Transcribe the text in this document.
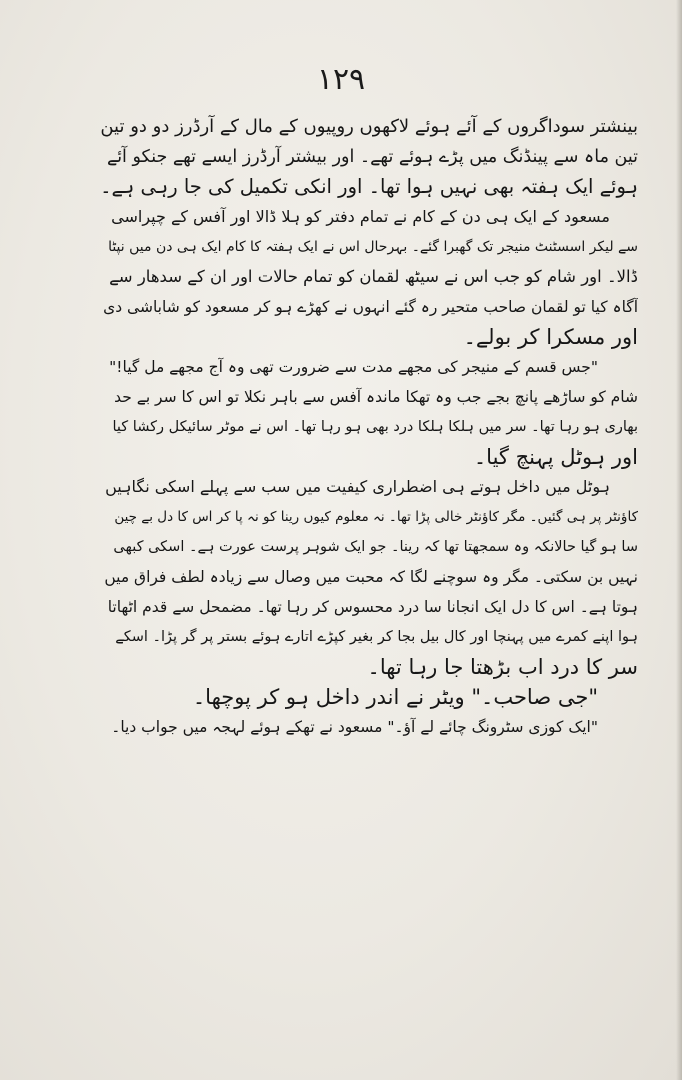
۱۲۹

بینشتر سوداگروں کے آئے ہوئے لاکھوں روپیوں کے مال کے آرڈرز دو دو تین

تین ماہ سے پینڈنگ میں پڑے ہوئے تھے۔ اور بیشتر آرڈرز ایسے تھے جنکو آئے

ہوئے ایک ہفتہ بھی نہیں ہوا تھا۔ اور انکی تکمیل کی جا رہی ہے۔

مسعود کے ایک ہی دن کے کام نے تمام دفتر کو ہلا ڈالا اور آفس کے چپراسی

سے لیکر اسسٹنٹ منیجر تک گھبرا گئے۔ بہرحال اس نے ایک ہفتہ کا کام ایک ہی دن میں نپٹا

ڈالا۔ اور شام کو جب اس نے سیٹھ لقمان کو تمام حالات اور ان کے سدھار سے

آگاہ کیا تو لقمان صاحب متحیر رہ گئے انہوں نے کھڑے ہو کر مسعود کو شاباشی دی

اور مسکرا کر بولے۔

"جس قسم کے منیجر کی مجھے مدت سے ضرورت تھی وہ آج مجھے مل گیا!"

شام کو ساڑھے پانچ بجے جب وہ تھکا ماندہ آفس سے باہر نکلا تو اس کا سر بے حد

بھاری ہو رہا تھا۔ سر میں ہلکا ہلکا درد بھی ہو رہا تھا۔ اس نے موٹر سائیکل رکشا کیا

اور ہوٹل پہنچ گیا۔

ہوٹل میں داخل ہوتے ہی اضطراری کیفیت میں سب سے پہلے اسکی نگاہیں

کاؤنٹر پر ہی گئیں۔ مگر کاؤنٹر خالی پڑا تھا۔ نہ معلوم کیوں رینا کو نہ پا کر اس کا دل بے چین

سا ہو گیا حالانکہ وہ سمجھتا تھا کہ رینا۔ جو ایک شوہر پرست عورت ہے۔ اسکی کبھی

نہیں بن سکتی۔ مگر وہ سوچنے لگا کہ محبت میں وصال سے زیادہ لطف فراق میں

ہوتا ہے۔ اس کا دل ایک انجانا سا درد محسوس کر رہا تھا۔ مضمحل سے قدم اٹھاتا

ہوا اپنے کمرے میں پہنچا اور کال بیل بجا کر بغیر کپڑے اتارے ہوئے بستر پر گر پڑا۔ اسکے

سر کا درد اب بڑھتا جا رہا تھا۔

"جی صاحب۔" ویٹر نے اندر داخل ہو کر پوچھا۔

"ایک کوزی سٹرونگ چائے لے آؤ۔" مسعود نے تھکے ہوئے لہجہ میں جواب دیا۔
